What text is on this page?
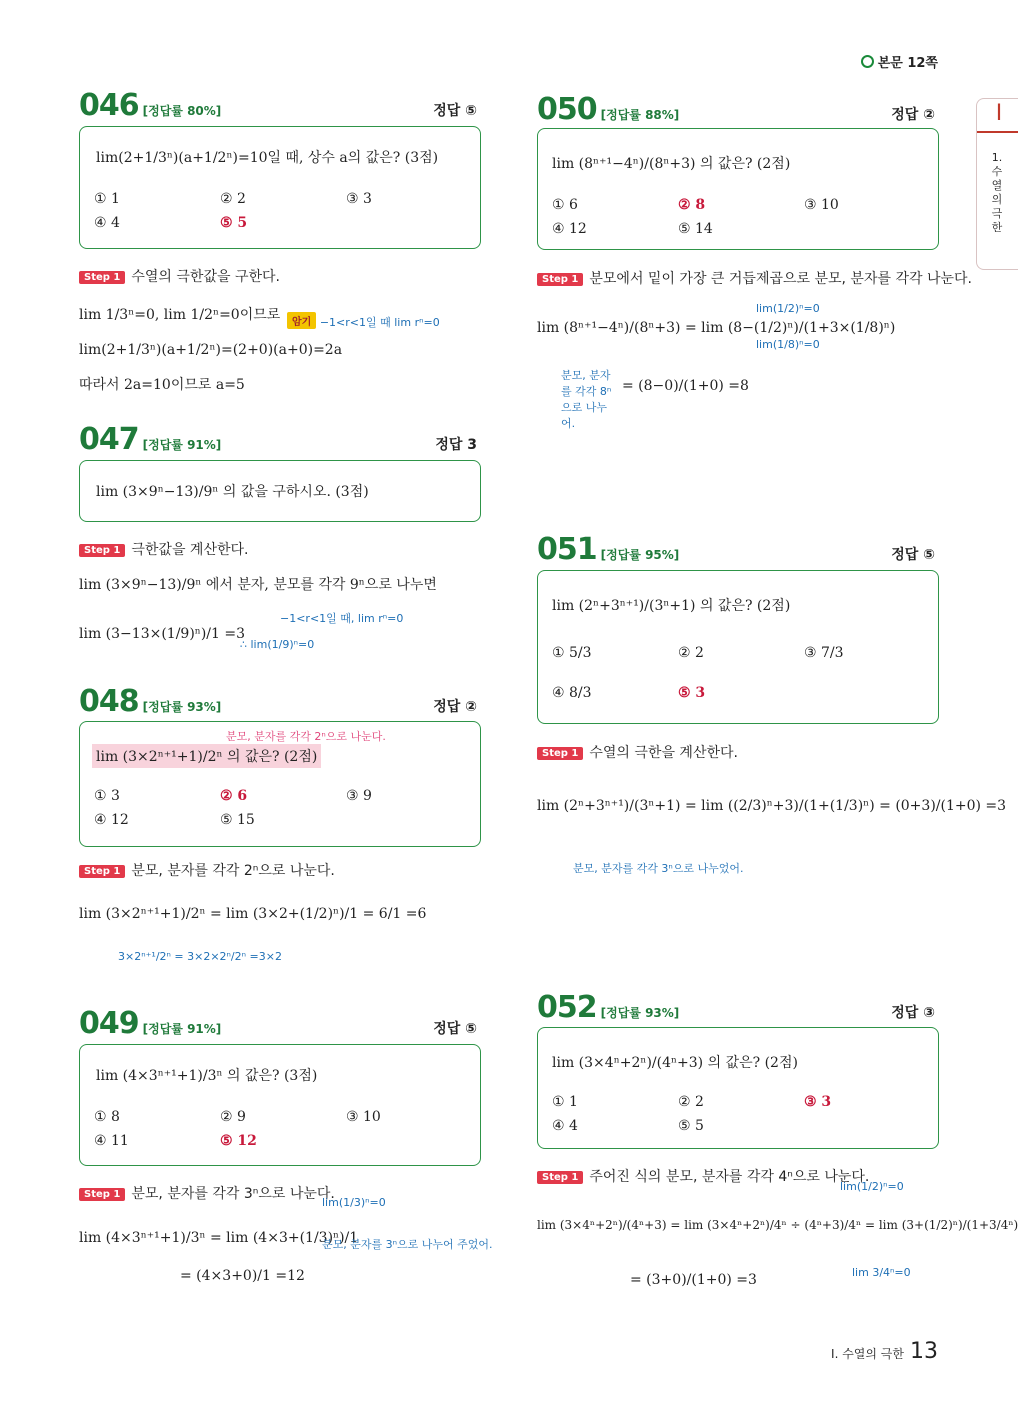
본문 12쪽
I
1. 수열의 극한
I. 수열의 극한 13
046 [정답률 80%]	정답 ⑤
lim(2+1/3ⁿ)(a+1/2ⁿ)=10일 때, 상수 a의 값은? (3점)
① 1	② 2	③ 3
④ 4	⑤ 5
Step 1 수열의 극한값을 구한다.
lim 1/3ⁿ=0, lim 1/2ⁿ=0이므로	암기 −1<r<1일 때 lim rⁿ=0
lim(2+1/3ⁿ)(a+1/2ⁿ)=(2+0)(a+0)=2a
따라서 2a=10이므로 a=5
047 [정답률 91%]	정답 3
lim (3×9ⁿ−13)/9ⁿ 의 값을 구하시오. (3점)
Step 1 극한값을 계산한다.
lim (3×9ⁿ−13)/9ⁿ 에서 분자, 분모를 각각 9ⁿ으로 나누면
lim (3−13×(1/9)ⁿ)/1 =3
−1<r<1일 때, lim rⁿ=0
∴ lim(1/9)ⁿ=0
048 [정답률 93%]	정답 ②
분모, 분자를 각각 2ⁿ으로 나눈다.
lim (3×2ⁿ⁺¹+1)/2ⁿ 의 값은? (2점)
① 3	② 6	③ 9
④ 12	⑤ 15
Step 1 분모, 분자를 각각 2ⁿ으로 나눈다.
lim (3×2ⁿ⁺¹+1)/2ⁿ = lim (3×2+(1/2)ⁿ)/1 = 6/1 =6
3×2ⁿ⁺¹/2ⁿ = 3×2×2ⁿ/2ⁿ =3×2
049 [정답률 91%]	정답 ⑤
lim (4×3ⁿ⁺¹+1)/3ⁿ 의 값은? (3점)
① 8	② 9	③ 10
④ 11	⑤ 12
Step 1 분모, 분자를 각각 3ⁿ으로 나눈다.
lim (4×3ⁿ⁺¹+1)/3ⁿ = lim (4×3+(1/3)ⁿ)/1
= (4×3+0)/1 =12
lim(1/3)ⁿ=0
분모, 분자를 3ⁿ으로 나누어 주었어.
050 [정답률 88%]	정답 ②
lim (8ⁿ⁺¹−4ⁿ)/(8ⁿ+3) 의 값은? (2점)
① 6	② 8	③ 10
④ 12	⑤ 14
Step 1 분모에서 밑이 가장 큰 거듭제곱으로 분모, 분자를 각각 나눈다.
lim (8ⁿ⁺¹−4ⁿ)/(8ⁿ+3) = lim (8−(1/2)ⁿ)/(1+3×(1/8)ⁿ)
= (8−0)/(1+0) =8
lim(1/2)ⁿ=0
lim(1/8)ⁿ=0
분모, 분자를 각각 8ⁿ으로 나누어.
051 [정답률 95%]	정답 ⑤
lim (2ⁿ+3ⁿ⁺¹)/(3ⁿ+1) 의 값은? (2점)
① 5/3	② 2	③ 7/3
④ 8/3	⑤ 3
Step 1 수열의 극한을 계산한다.
lim (2ⁿ+3ⁿ⁺¹)/(3ⁿ+1) = lim ((2/3)ⁿ+3)/(1+(1/3)ⁿ) = (0+3)/(1+0) =3
분모, 분자를 각각 3ⁿ으로 나누었어.
052 [정답률 93%]	정답 ③
lim (3×4ⁿ+2ⁿ)/(4ⁿ+3) 의 값은? (2점)
① 1	② 2	③ 3
④ 4	⑤ 5
Step 1 주어진 식의 분모, 분자를 각각 4ⁿ으로 나눈다.
lim (3×4ⁿ+2ⁿ)/(4ⁿ+3) = lim (3×4ⁿ+2ⁿ)/4ⁿ ÷ (4ⁿ+3)/4ⁿ = lim (3+(1/2)ⁿ)/(1+3/4ⁿ)
= (3+0)/(1+0) =3
lim(1/2)ⁿ=0
lim 3/4ⁿ=0
